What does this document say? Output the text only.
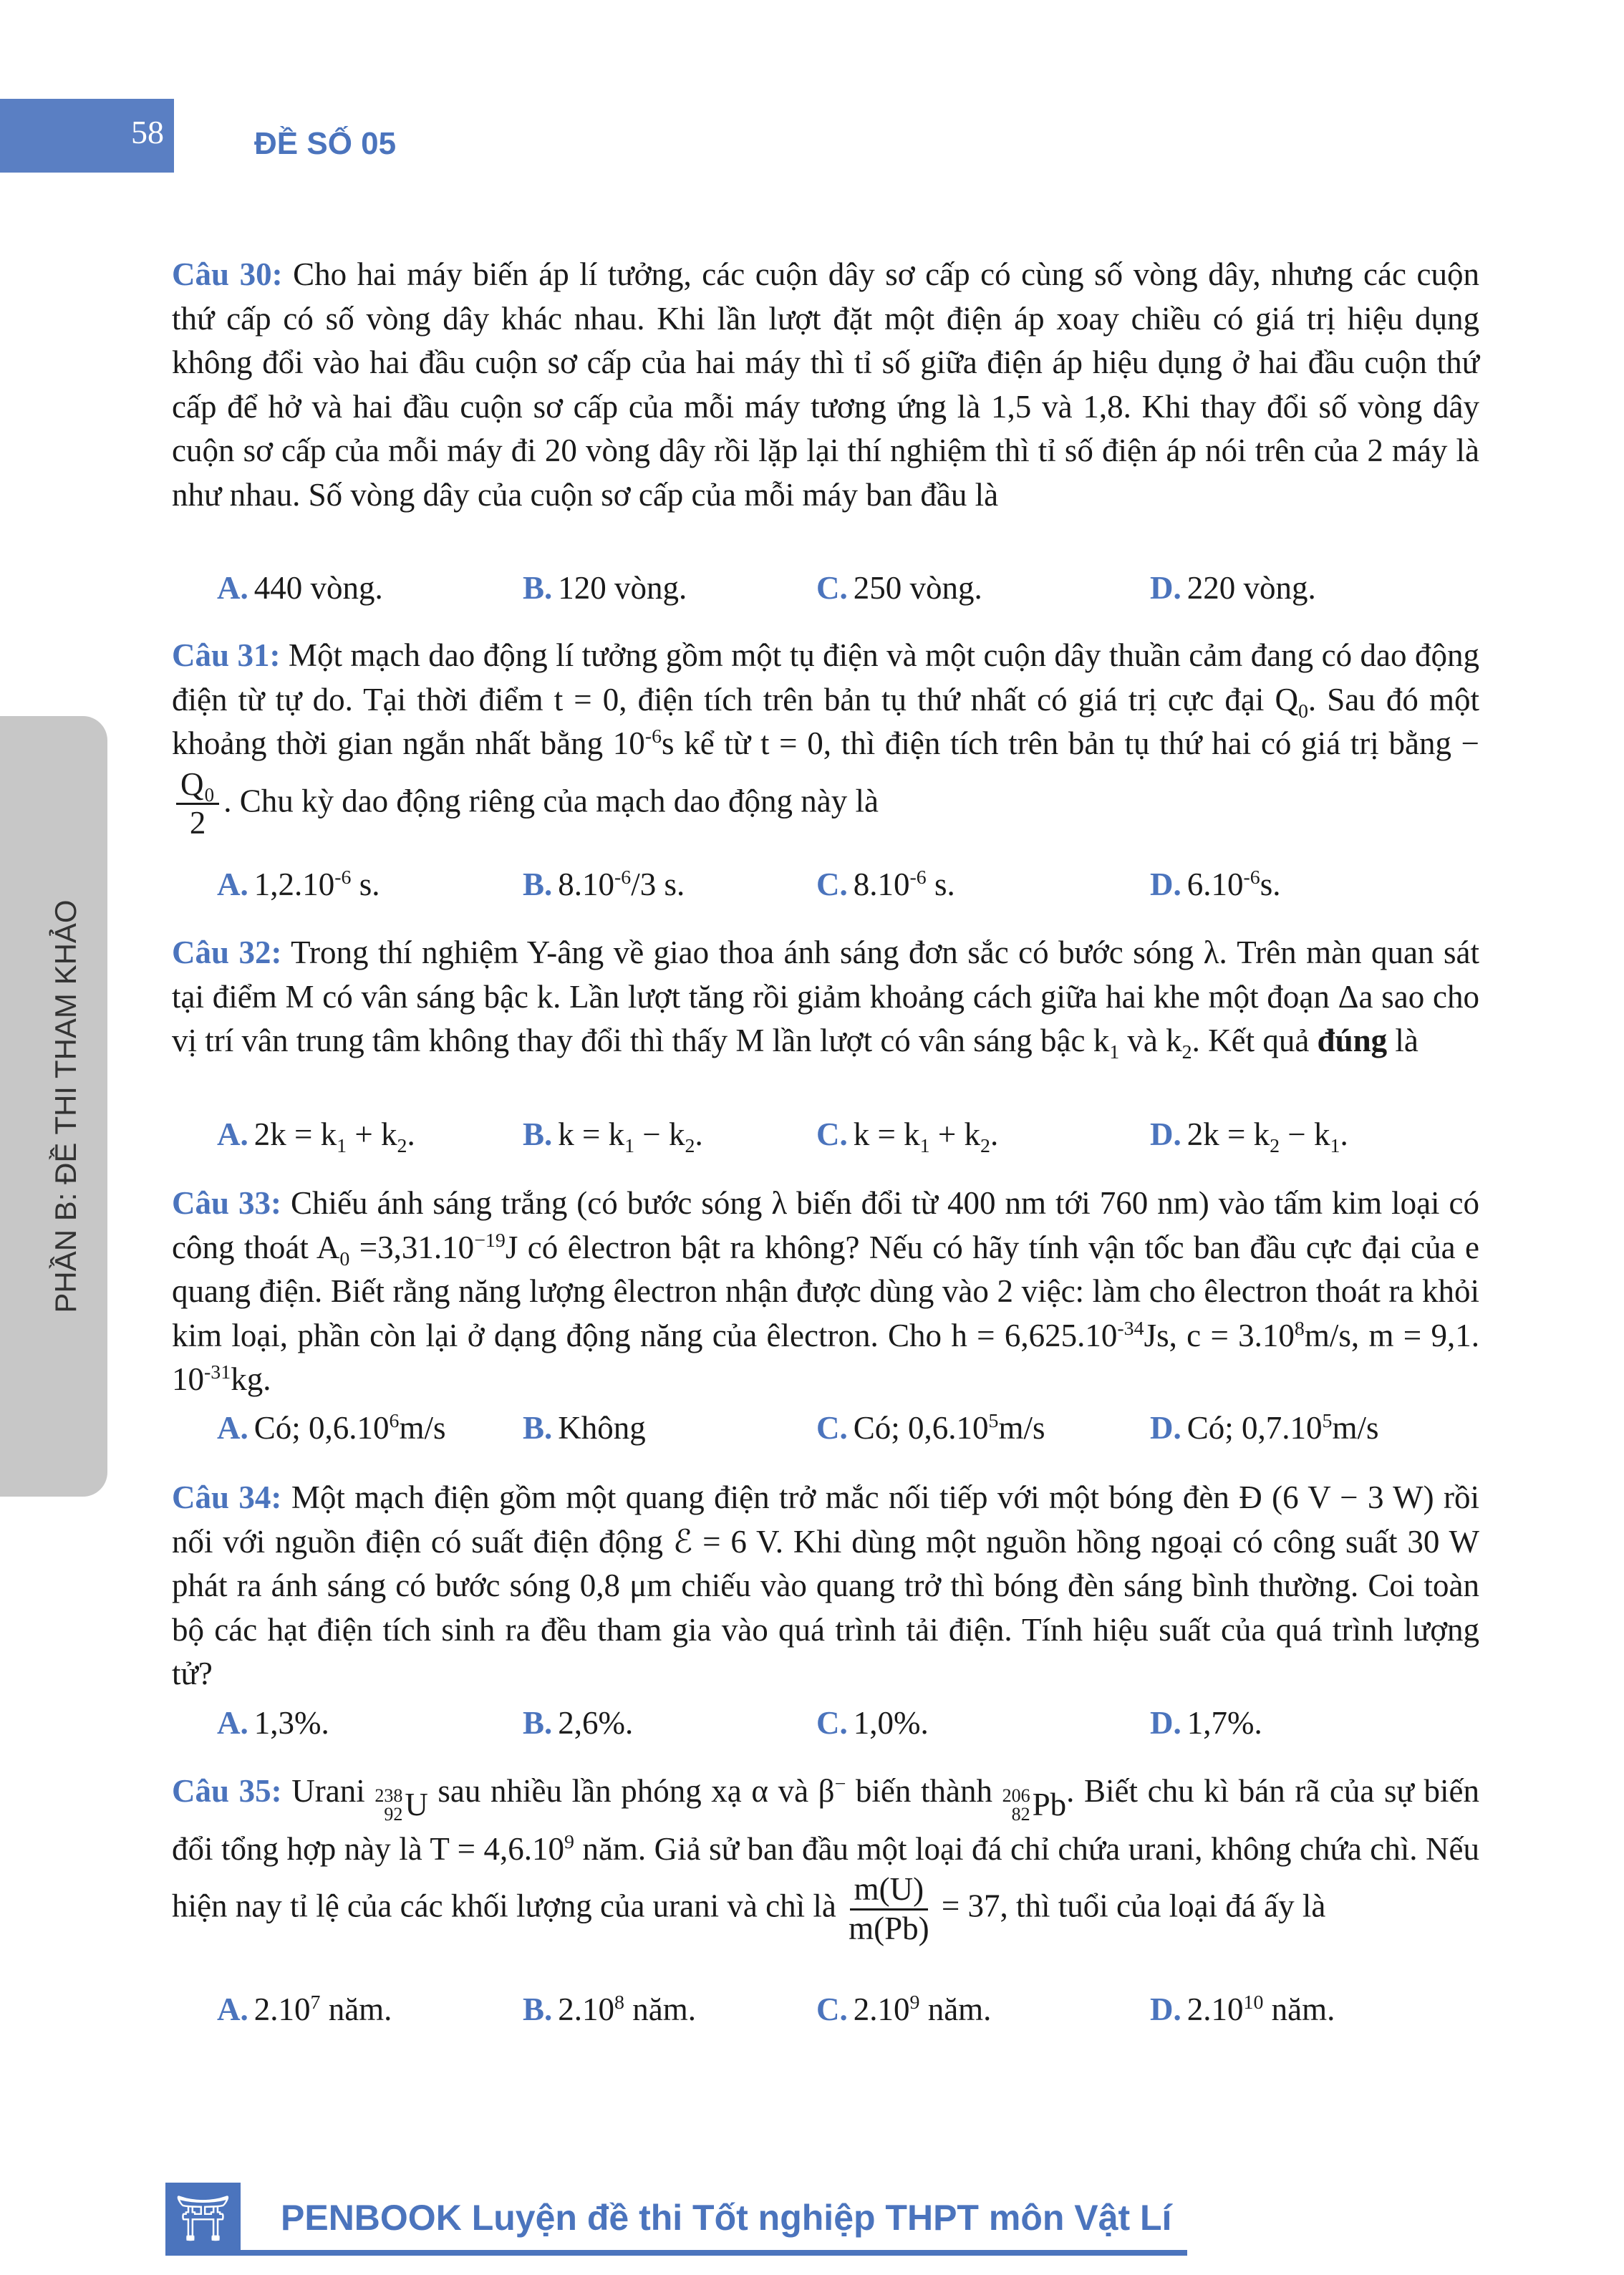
58	ĐỀ SỐ 05
PHẦN B: ĐỀ THI THAM KHẢO
Câu 30: Cho hai máy biến áp lí tưởng, các cuộn dây sơ cấp có cùng số vòng dây, nhưng các cuộn thứ cấp có số vòng dây khác nhau. Khi lần lượt đặt một điện áp xoay chiều có giá trị hiệu dụng không đổi vào hai đầu cuộn sơ cấp của hai máy thì tỉ số giữa điện áp hiệu dụng ở hai đầu cuộn thứ cấp để hở và hai đầu cuộn sơ cấp của mỗi máy tương ứng là 1,5 và 1,8. Khi thay đổi số vòng dây cuộn sơ cấp của mỗi máy đi 20 vòng dây rồi lặp lại thí nghiệm thì tỉ số điện áp nói trên của 2 máy là như nhau. Số vòng dây của cuộn sơ cấp của mỗi máy ban đầu là
A. 440 vòng.	B. 120 vòng.	C. 250 vòng.	D. 220 vòng.
Câu 31: Một mạch dao động lí tưởng gồm một tụ điện và một cuộn dây thuần cảm đang có dao động điện từ tự do. Tại thời điểm t = 0, điện tích trên bản tụ thứ nhất có giá trị cực đại $Q_0$. Sau đó một khoảng thời gian ngắn nhất bằng $10^{-6}s$ kể từ t = 0, thì điện tích trên bản tụ thứ hai có giá trị bằng −
$\frac{\text{Q₀}}{2}$ . Chu kỳ dao động riêng của mạch dao động này là
A. $1,2.10^{-6}$ s.	B. $8.10^{-6}/3$ s.	C. $8.10^{-6}$ s.	D. $6.10^{-6}s$.
Câu 32: Trong thí nghiệm Y-âng về giao thoa ánh sáng đơn sắc có bước sóng λ. Trên màn quan sát tại điểm M có vân sáng bậc k. Lần lượt tăng rồi giảm khoảng cách giữa hai khe một đoạn Δa sao cho vị trí vân trung tâm không thay đổi thì thấy M lần lượt có vân sáng bậc $k_1$ và $k_2$. Kết quả đúng là
A. $2k = k_1 + k_2$.	B. $k = k_1 - k_2$.	C. $k = k_1 + k_2$.	D. $2k = k_2 - k_1$.
Câu 33: Chiếu ánh sáng trắng (có bước sóng λ biến đổi từ 400 nm tới 760 nm) vào tấm kim loại có công thoát $A_0 =3,31.10^{-19}J$ có êlectron bật ra không? Nếu có hãy tính vận tốc ban đầu cực đại của e quang điện. Biết rằng năng lượng êlectron nhận được dùng vào 2 việc: làm cho êlectron thoát ra khỏi kim loại, phần còn lại ở dạng động năng của êlectron. Cho $h = 6,625.10^{-34}Js$, $c = 3.10^8m/s$, m = 9,1. $10^{-31}kg$.
A. Có; 0,6.10$^6$m/s B. Không	C. Có; 0,6.10$^5$m/s	D. Có; 0,7.10$^5$m/s
Câu 34: Một mạch điện gồm một quang điện trở mắc nối tiếp với một bóng đèn Đ (6 V − 3 W) rồi nối với nguồn điện có suất điện động ℰ = 6 V. Khi dùng một nguồn hồng ngoại có công suất 30 W phát ra ánh sáng có bước sóng 0,8 μm chiếu vào quang trở thì bóng đèn sáng bình thường. Coi toàn bộ các hạt điện tích sinh ra đều tham gia vào quá trình tải điện. Tính hiệu suất của quá trình lượng tử?
A. 1,3%.	B. 2,6%.	C. 1,0%.	D. 1,7%.
Câu 35: Urani 238
92 U sau nhiều lần phóng xạ α và β− biến thành 206
82 Pb . Biết chu kì bán rã của sự biến đổi tổng hợp này là $T = 4,6.10^9$ năm. Giả sử ban đầu một loại đá chỉ chứa urani, không chứa chì. Nếu hiện nay tỉ lệ của các khối lượng của urani và chì là $\frac{m(U)}{m(Pb)} = 37$, thì tuổi của loại đá ấy là
A. 2.10$^7$ năm.	B. 2.10$^8$ năm.	C. 2.10$^9$ năm.	D. 2.10$^{10}$ năm.
⛩ PENBOOK Luyện đề thi Tốt nghiệp THPT môn Vật Lí
